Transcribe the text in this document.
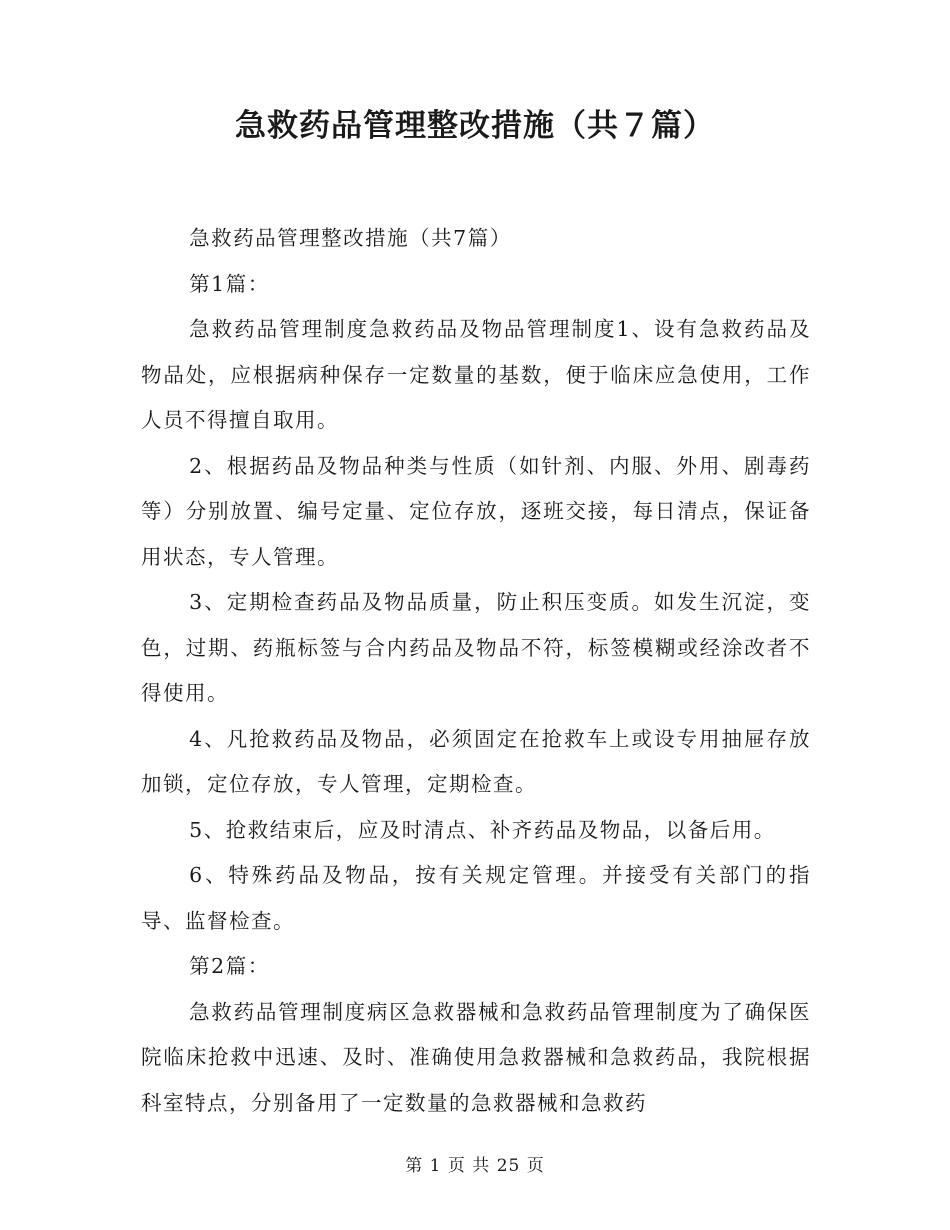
急救药品管理整改措施（共７篇）

急救药品管理整改措施（共7篇）

第1篇：

急救药品管理制度急救药品及物品管理制度1、设有急救药品及物品处，应根据病种保存一定数量的基数，便于临床应急使用，工作人员不得擅自取用。

2、根据药品及物品种类与性质（如针剂、内服、外用、剧毒药等）分别放置、编号定量、定位存放，逐班交接，每日清点，保证备用状态，专人管理。

3、定期检查药品及物品质量，防止积压变质。如发生沉淀，变色，过期、药瓶标签与合内药品及物品不符，标签模糊或经涂改者不得使用。

4、凡抢救药品及物品，必须固定在抢救车上或设专用抽屉存放加锁，定位存放，专人管理，定期检查。

5、抢救结束后，应及时清点、补齐药品及物品，以备后用。

6、特殊药品及物品，按有关规定管理。并接受有关部门的指导、监督检查。

第2篇：

急救药品管理制度病区急救器械和急救药品管理制度为了确保医院临床抢救中迅速、及时、准确使用急救器械和急救药品，我院根据科室特点，分别备用了一定数量的急救器械和急救药

第 1 页 共 25 页
